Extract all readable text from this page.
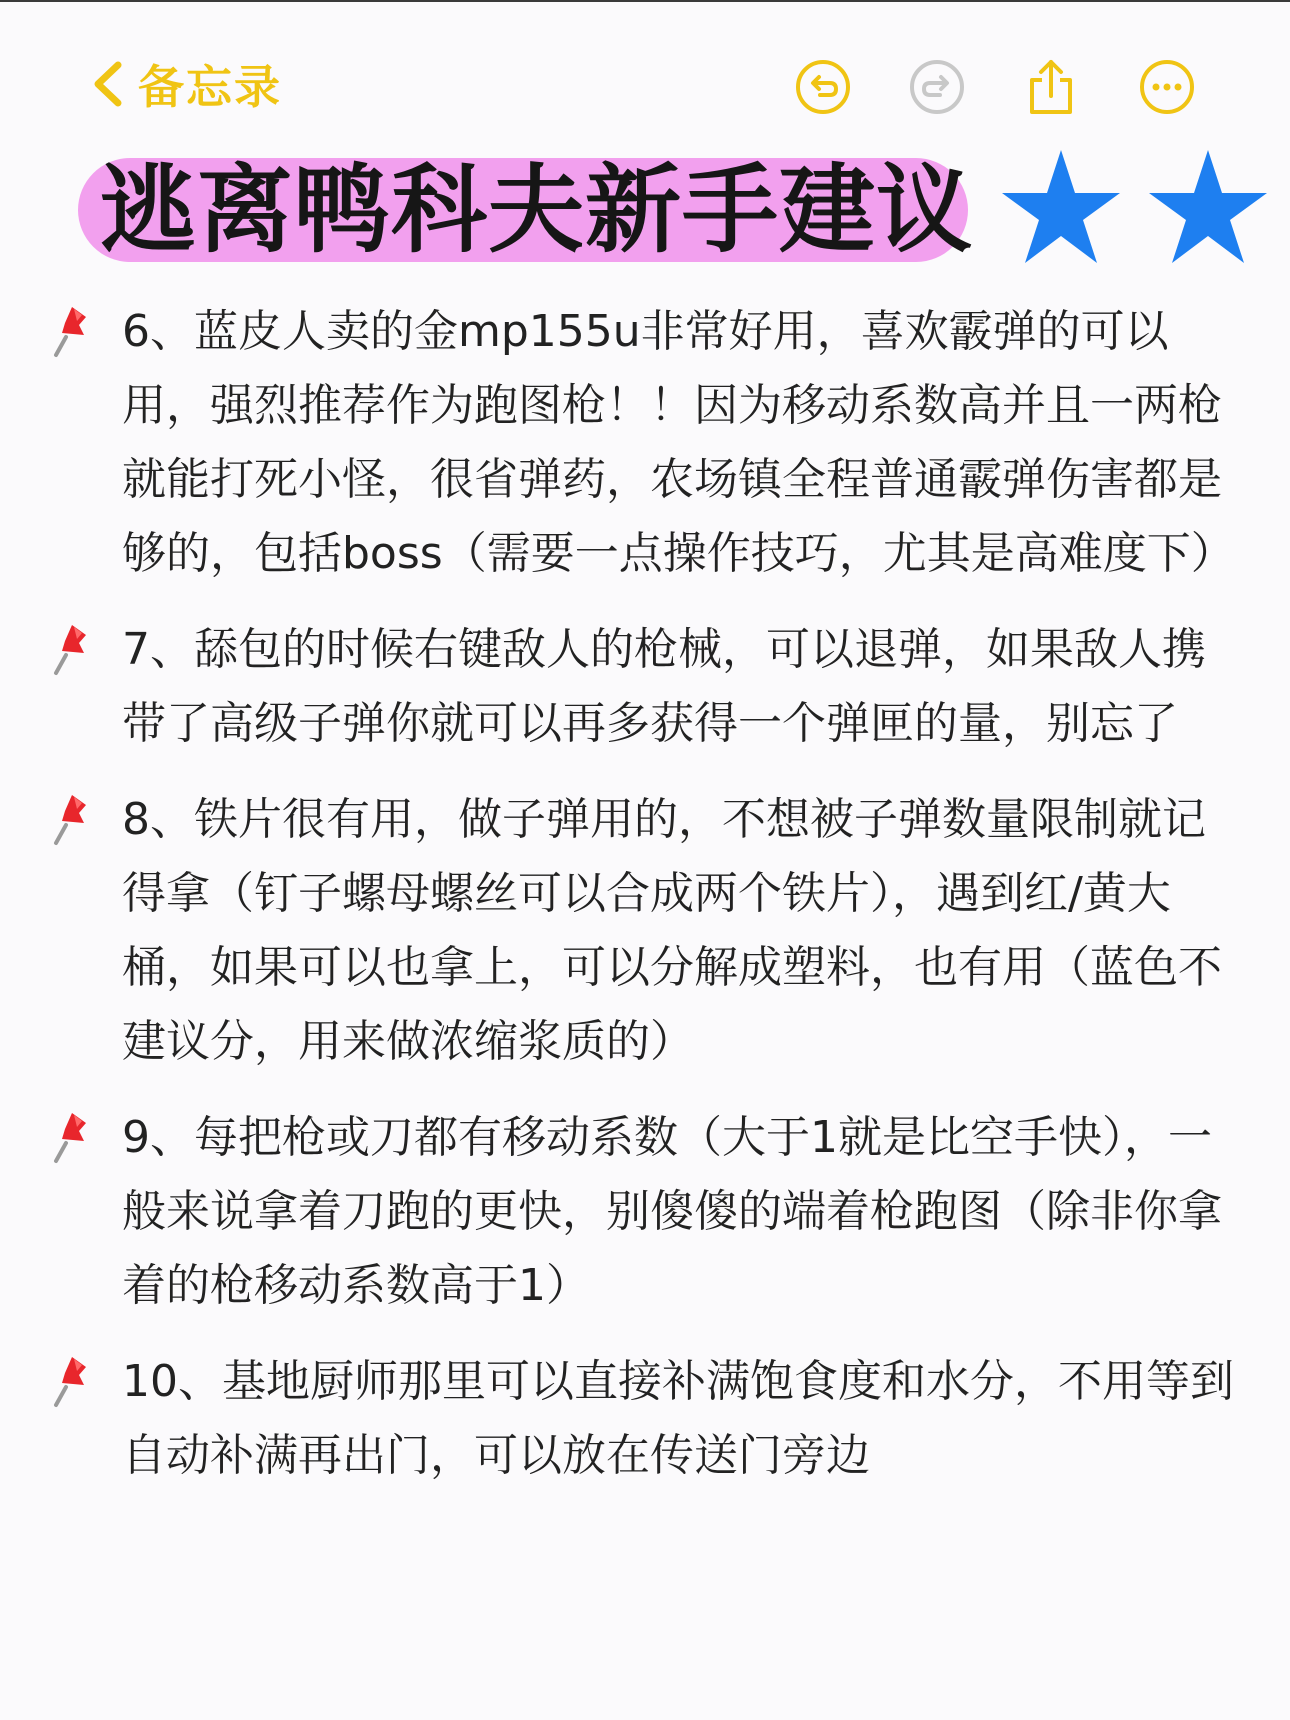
备忘录
逃离鸭科夫新手建议
6、蓝皮人卖的金mp155u非常好用，喜欢霰弹的可以用，强烈推荐作为跑图枪！！因为移动系数高并且一两枪就能打死小怪，很省弹药，农场镇全程普通霰弹伤害都是够的，包括boss（需要一点操作技巧，尤其是高难度下）
7、舔包的时候右键敌人的枪械，可以退弹，如果敌人携带了高级子弹你就可以再多获得一个弹匣的量，别忘了
8、铁片很有用，做子弹用的，不想被子弹数量限制就记得拿（钉子螺母螺丝可以合成两个铁片），遇到红/黄大桶，如果可以也拿上，可以分解成塑料，也有用（蓝色不建议分，用来做浓缩浆质的）
9、每把枪或刀都有移动系数（大于1就是比空手快），一般来说拿着刀跑的更快，别傻傻的端着枪跑图（除非你拿着的枪移动系数高于1）
10、基地厨师那里可以直接补满饱食度和水分，不用等到自动补满再出门，可以放在传送门旁边
